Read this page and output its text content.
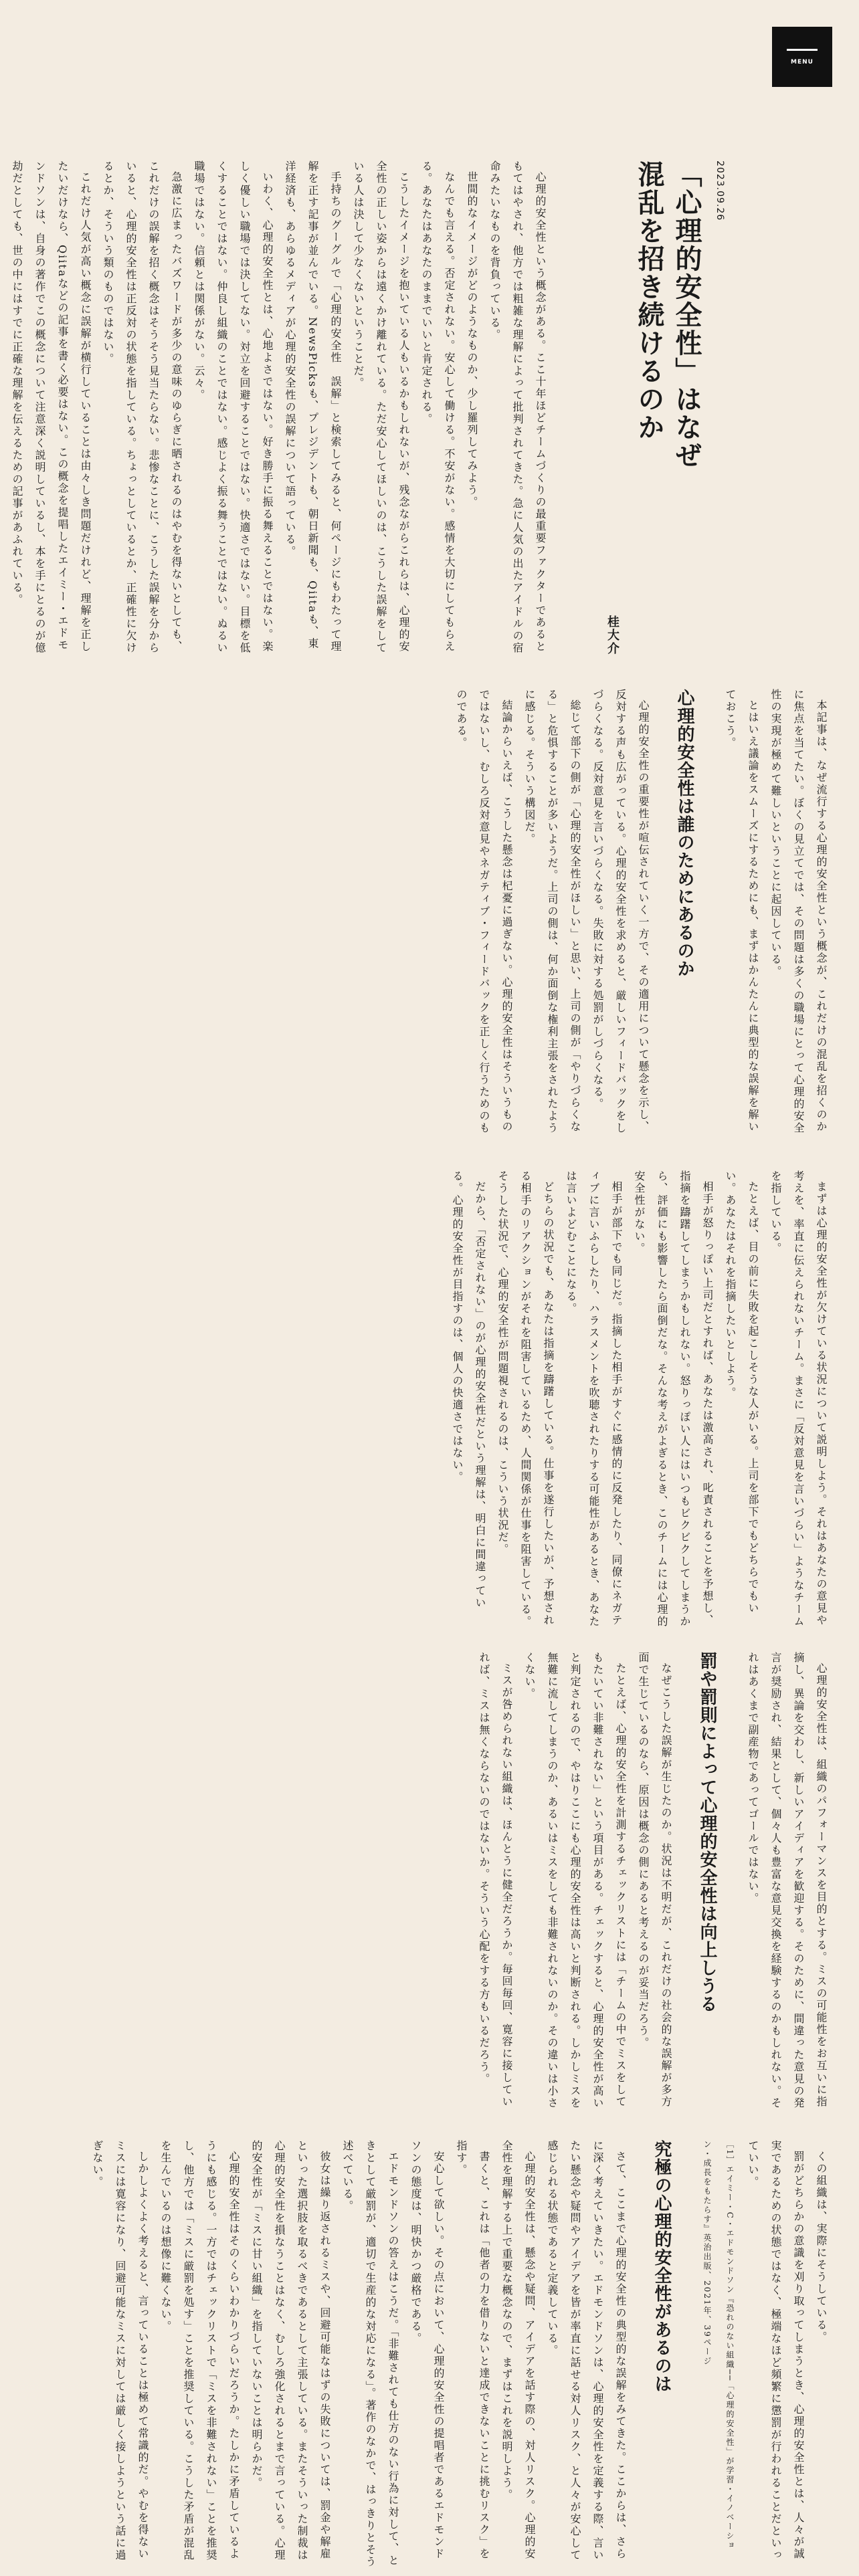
MENU
2023.09.26
「心理的安全性」はなぜ
混乱を招き続けるのか
桂大介

心理的安全性という概念がある。ここ十年ほどチームづくりの最重要ファクターであるともてはやされ、他方では粗雑な理解によって批判されてきた。急に人気の出たアイドルの宿命みたいなものを背負っている。

世間的なイメージがどのようなものか、少し羅列してみよう。

なんでも言える。否定されない。安心して働ける。不安がない。感情を大切にしてもらえる。あなたはあなたのままでいいと肯定される。

こうしたイメージを抱いている人もいるかもしれないが、残念ながらこれらは、心理的安全性の正しい姿からは遠くかけ離れている。ただ安心してほしいのは、こうした誤解をしている人は決して少なくないということだ。

手持ちのグーグルで「心理的安全性　誤解」と検索してみると、何ページにもわたって理解を正す記事が並んでいる。NewsPicksも、プレジデントも、朝日新聞も、Qiitaも、東洋経済も、あらゆるメディアが心理的安全性の誤解について語っている。

いわく、心理的安全性とは、心地よさではない。好き勝手に振る舞えることではない。楽しく優しい職場では決してない。対立を回避することではない。快適さではない。目標を低くすることではない。仲良し組織のことではない。感じよく振る舞うことではない。ぬるい職場ではない。信頼とは関係がない。云々。

急激に広まったバズワードが多少の意味のゆらぎに晒されるのはやむを得ないとしても、これだけの誤解を招く概念はそうそう見当たらない。悲惨なことに、こうした誤解を分からいると、心理的安全性は正反対の状態を指している。ちょっとしているとか、正確性に欠けるとか、そういう類のものではない。

これだけ人気が高い概念に誤解が横行していることは由々しき問題だけれど、理解を正したいだけなら、Qiitaなどの記事を書く必要はない。この概念を提唱したエイミー・エドモンドソンは、自身の著作でこの概念について注意深く説明しているし、本を手にとるのが億劫だとしても、世の中にはすでに正確な理解を伝えるための記事があふれている。

本記事は、なぜ流行する心理的安全性という概念が、これだけの混乱を招くのかに焦点を当てたい。ぼくの見立てでは、その問題は多くの職場にとって心理的安全性の実現が極めて難しいということに起因している。

とはいえ議論をスムーズにするためにも、まずはかんたんに典型的な誤解を解いておこう。

心理的安全性は誰のためにあるのか

心理的安全性の重要性が喧伝されていく一方で、その適用について懸念を示し、反対する声も広がっている。心理的安全性を求めると、厳しいフィードバックをしづらくなる。反対意見を言いづらくなる。失敗に対する処罰がしづらくなる。

総じて部下の側が「心理的安全性がほしい」と思い、上司の側が「やりづらくなる」と危惧することが多いようだ。上司の側は、何か面倒な権利主張をされたように感じる。そういう構図だ。

結論からいえば、こうした懸念は杞憂に過ぎない。心理的安全性はそういうものではないし、むしろ反対意見やネガティブ・フィードバックを正しく行うためのものである。

まずは心理的安全性が欠けている状況について説明しよう。それはあなたの意見や考えを、率直に伝えられないチーム。まさに「反対意見を言いづらい」ようなチームを指している。

たとえば、目の前に失敗を起こしそうな人がいる。上司を部下でもどちらでもいい。あなたはそれを指摘したいとしよう。

相手が怒りっぽい上司だとすれば、あなたは激高され、叱責されることを予想し、指摘を躊躇してしまうかもしれない。怒りっぽい人にはいつもビクビクしてしまうから、評価にも影響したら面倒だな。そんな考えがよぎるとき、このチームには心理的安全性がない。

相手が部下でも同じだ。指摘した相手がすぐに感情的に反発したり、同僚にネガティブに言いふらしたり、ハラスメントを吹聴されたりする可能性があるとき、あなたは言いよどむことになる。

どちらの状況でも、あなたは指摘を躊躇している。仕事を遂行したいが、予想される相手のリアクションがそれを阻害しているため、人間関係が仕事を阻害している。そうした状況で、心理的安全性が問題視されるのは、こういう状況だ。

だから、「否定されない」のが心理的安全性だという理解は、明白に間違っている。心理的安全性が目指すのは、個人の快適さではない。

心理的安全性は、組織のパフォーマンスを目的とする。ミスの可能性をお互いに指摘し、異論を交わし、新しいアイディアを歓迎する。そのために、間違った意見の発言が奨励され、結果として、個々人も豊富な意見交換を経験するのかもしれない。それはあくまで副産物であってゴールではない。

罰や罰則によって心理的安全性は向上しうる

なぜこうした誤解が生じたのか。状況は不明だが、これだけの社会的な誤解が多方面で生じているのなら、原因は概念の側にあると考えるのが妥当だろう。

たとえば、心理的安全性を計測するチェックリストには「チームの中でミスをしてもたいてい非難されない」という項目がある。チェックすると、心理的安全性が高いと判定されるので、やはりここにも心理的安全性は高いと判断される。しかしミスを無難に流してしまうのか、あるいはミスをしても非難されないのか。その違いは小さくない。

ミスが咎められない組織は、ほんとうに健全だろうか。毎回毎回、寛容に接していれば、ミスは無くならないのではないか。そういう心配をする方もいるだろう。

くの組織は、実際にそうしている。

罰がどちらかの意識を刈り取ってしまうとき、心理的安全性とは、人々が誠実であるための状態ではなく、極端なほど頻繁に懲罰が行われることだといっていい。

［1］エイミー・C・エドモンドソン『恐れのない組織──「心理的安全性」が学習・イノベーション・成長をもたらす』英治出版、2021年、39ページ

究極の心理的安全性があるのは

さて、ここまで心理的安全性の典型的な誤解をみてきた。ここからは、さらに深く考えていきたい。エドモンドソンは、心理的安全性を定義する際、言いたい懸念や疑問やアイデアを皆が率直に話せる対人リスク、と人々が安心して感じられる状態であると定義している。

心理的安全性は、懸念や疑問、アイデアを話す際の、対人リスク。心理的安全性を理解する上で重要な概念なので、まずはこれを説明しよう。

書くと、これは「他者の力を借りないと達成できないことに挑むリスク」を指す。

安心して欲しい。その点において、心理的安全性の提唱者であるエドモンドソンの態度は、明快かつ厳格である。

エドモンドソンの答えはこうだ。「非難されても仕方のない行為に対して、ときとして厳罰が、適切で生産的な対応になる」。著作のなかで、はっきりとそう述べている。

彼女は繰り返されるミスや、回避可能なはずの失敗については、罰金や解雇といった選択肢を取るべきであるとして主張している。またそういった制裁は心理的安全性を損なうことはなく、むしろ強化されるとまで言っている。心理的安全性が「ミスに甘い組織」を指していないことは明らかだ。

心理的安全性はそのくらいわかりづらいだろうか。たしかに矛盾しているようにも感じる。一方ではチェックリストで「ミスを非難されない」ことを推奨し、他方では「ミスに厳罰を処す」ことを推奨している。こうした矛盾が混乱を生んでいるのは想像に難くない。

しかしよくよく考えると、言っていることは極めて常識的だ。やむを得ないミスには寛容になり、回避可能なミスに対しては厳しく接しようという話に過ぎない。
